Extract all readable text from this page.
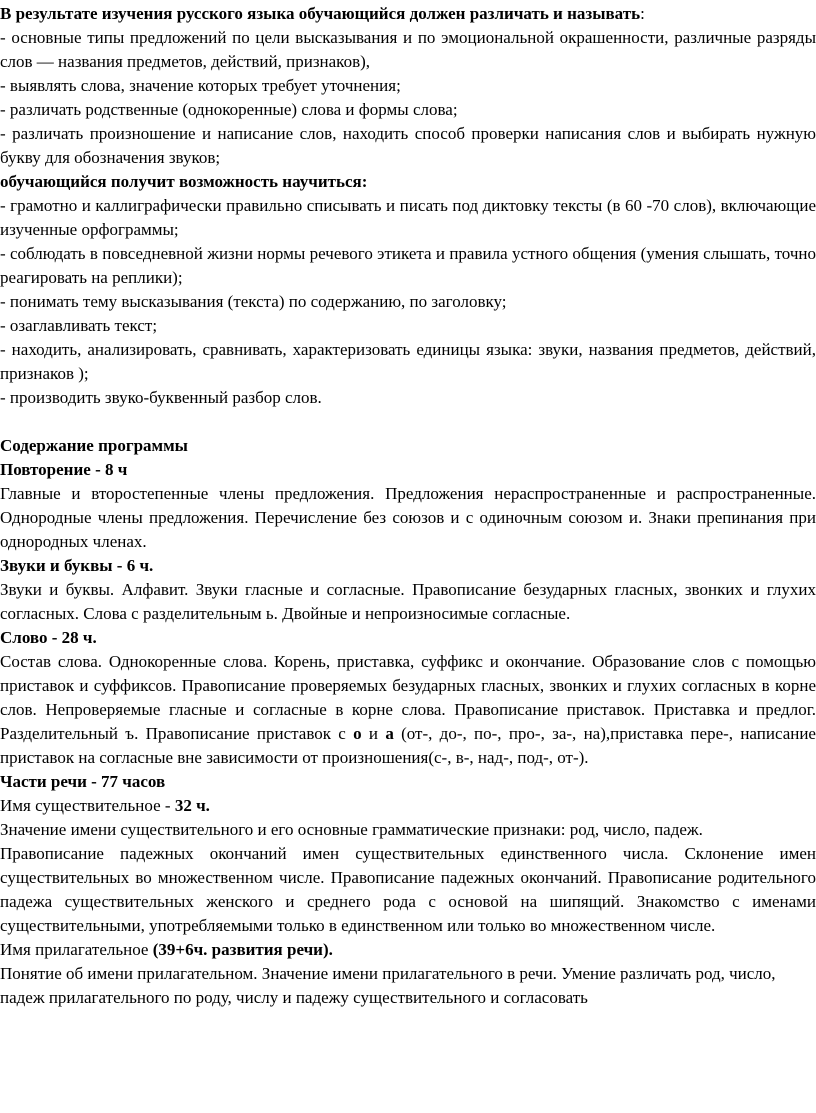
В результате изучения русского языка обучающийся должен различать и называть:

- основные типы предложений по цели высказывания и по эмоциональной окрашенности, различные разряды слов — названия предметов, действий, признаков),

- выявлять слова, значение которых требует уточнения;

- различать родственные (однокоренные) слова и формы слова;

- различать произношение и написание слов, находить способ проверки написания слов и выбирать нужную букву для обозначения звуков;

обучающийся получит возможность научиться:

- грамотно и каллиграфически правильно списывать и писать под диктовку тексты (в 60 -70 слов), включающие изученные орфограммы;

- соблюдать в повседневной жизни нормы речевого этикета и правила устного общения (умения слышать, точно реагировать на реплики);

- понимать тему высказывания (текста) по содержанию, по заголовку;

- озаглавливать текст;

- находить, анализировать, сравнивать, характеризовать единицы языка: звуки, названия предметов, действий, признаков );

- производить звуко-буквенный разбор слов.

Содержание программы

Повторение - 8 ч

Главные и второстепенные члены предложения. Предложения нераспространенные и распространенные. Однородные члены предложения. Перечисление без союзов и с одиночным союзом и. Знаки препинания при однородных членах.

Звуки и буквы - 6 ч.

Звуки и буквы. Алфавит. Звуки гласные и согласные. Правописание безударных гласных, звонких и глухих согласных. Слова с разделительным ь. Двойные и непроизносимые согласные.

Слово - 28 ч.

Состав слова. Однокоренные слова. Корень, приставка, суффикс и окончание. Образование слов с помощью приставок и суффиксов. Правописание проверяемых безударных гласных, звонких и глухих согласных в корне слов. Непроверяемые гласные и согласные в корне слова. Правописание приставок. Приставка и предлог. Разделительный ъ. Правописание приставок с о и а (от-, до-, по-, про-, за-, на),приставка пере-, написание приставок на согласные вне зависимости от произношения(с-, в-, над-, под-, от-).

Части речи - 77 часов

Имя существительное - 32 ч.

Значение имени существительного и его основные грамматические признаки: род, число, падеж.

Правописание падежных окончаний имен существительных единственного числа. Склонение имен существительных во множественном числе. Правописание падежных окончаний. Правописание родительного падежа существительных женского и среднего рода с основой на шипящий. Знакомство с именами существительными, употребляемыми только в единственном или только во множественном числе.

Имя прилагательное (39+6ч. развития речи).

Понятие об имени прилагательном. Значение имени прилагательного в речи. Умение различать род, число, падеж прилагательного по роду, числу и падежу существительного и согласовать
